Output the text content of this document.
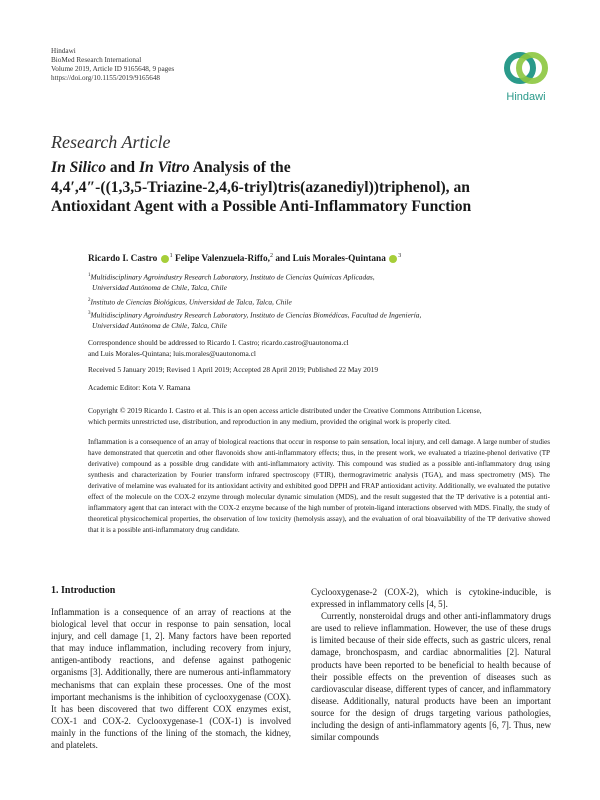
Hindawi
BioMed Research International
Volume 2019, Article ID 9165648, 9 pages
https://doi.org/10.1155/2019/9165648
Hindawi
Research Article
In Silico and In Vitro Analysis of the
4,4′,4″-((1,3,5-Triazine-2,4,6-triyl)tris(azanediyl))triphenol), an
Antioxidant Agent with a Possible Anti-Inflammatory Function
Ricardo I. Castro $^1$ Felipe Valenzuela-Riffo,$^2$ and Luis Morales-Quintana $^3$
$^1$Multidisciplinary Agroindustry Research Laboratory, Instituto de Ciencias Químicas Aplicadas,
Universidad Autónoma de Chile, Talca, Chile
$^2$Instituto de Ciencias Biológicas, Universidad de Talca, Talca, Chile
$^3$Multidisciplinary Agroindustry Research Laboratory, Instituto de Ciencias Biomédicas, Facultad de Ingeniería,
Universidad Autónoma de Chile, Talca, Chile
Correspondence should be addressed to Ricardo I. Castro; ricardo.castro@uautonoma.cl
and Luis Morales-Quintana; luis.morales@uautonoma.cl
Received 5 January 2019; Revised 1 April 2019; Accepted 28 April 2019; Published 22 May 2019
Academic Editor: Kota V. Ramana
Copyright © 2019 Ricardo I. Castro et al. This is an open access article distributed under the Creative Commons Attribution License,
which permits unrestricted use, distribution, and reproduction in any medium, provided the original work is properly cited.
Inflammation is a consequence of an array of biological reactions that occur in response to pain sensation, local injury, and cell damage. A large number of studies have demonstrated that quercetin and other flavonoids show anti-inflammatory effects; thus, in the present work, we evaluated a triazine-phenol derivative (TP derivative) compound as a possible drug candidate with anti-inflammatory activity. This compound was studied as a possible anti-inflammatory drug using synthesis and characterization by Fourier transform infrared spectroscopy (FTIR), thermogravimetric analysis (TGA), and mass spectrometry (MS). The derivative of melamine was evaluated for its antioxidant activity and exhibited good DPPH and FRAP antioxidant activity. Additionally, we evaluated the putative effect of the molecule on the COX-2 enzyme through molecular dynamic simulation (MDS), and the result suggested that the TP derivative is a potential anti-inflammatory agent that can interact with the COX-2 enzyme because of the high number of protein-ligand interactions observed with MDS. Finally, the study of theoretical physicochemical properties, the observation of low toxicity (hemolysis assay), and the evaluation of oral bioavailability of the TP derivative showed that it is a possible anti-inflammatory drug candidate.
1. Introduction

Inflammation is a consequence of an array of reactions at the biological level that occur in response to pain sensation, local injury, and cell damage [1, 2]. Many factors have been reported that may induce inflammation, including recovery from injury, antigen-antibody reactions, and defense against pathogenic organisms [3]. Additionally, there are numerous anti-inflammatory mechanisms that can explain these processes. One of the most important mechanisms is the inhibition of cyclooxygenase (COX). It has been discovered that two different COX enzymes exist, COX-1 and COX-2. Cyclooxygenase-1 (COX-1) is involved mainly in the functions of the lining of the stomach, the kidney, and platelets.

Cyclooxygenase-2 (COX-2), which is cytokine-inducible, is expressed in inflammatory cells [4, 5].

Currently, nonsteroidal drugs and other anti-inflammatory drugs are used to relieve inflammation. However, the use of these drugs is limited because of their side effects, such as gastric ulcers, renal damage, bronchospasm, and cardiac abnormalities [2]. Natural products have been reported to be beneficial to health because of their possible effects on the prevention of diseases such as cardiovascular disease, different types of cancer, and inflammatory disease. Additionally, natural products have been an important source for the design of drugs targeting various pathologies, including the design of anti-inflammatory agents [6, 7]. Thus, new similar compounds
